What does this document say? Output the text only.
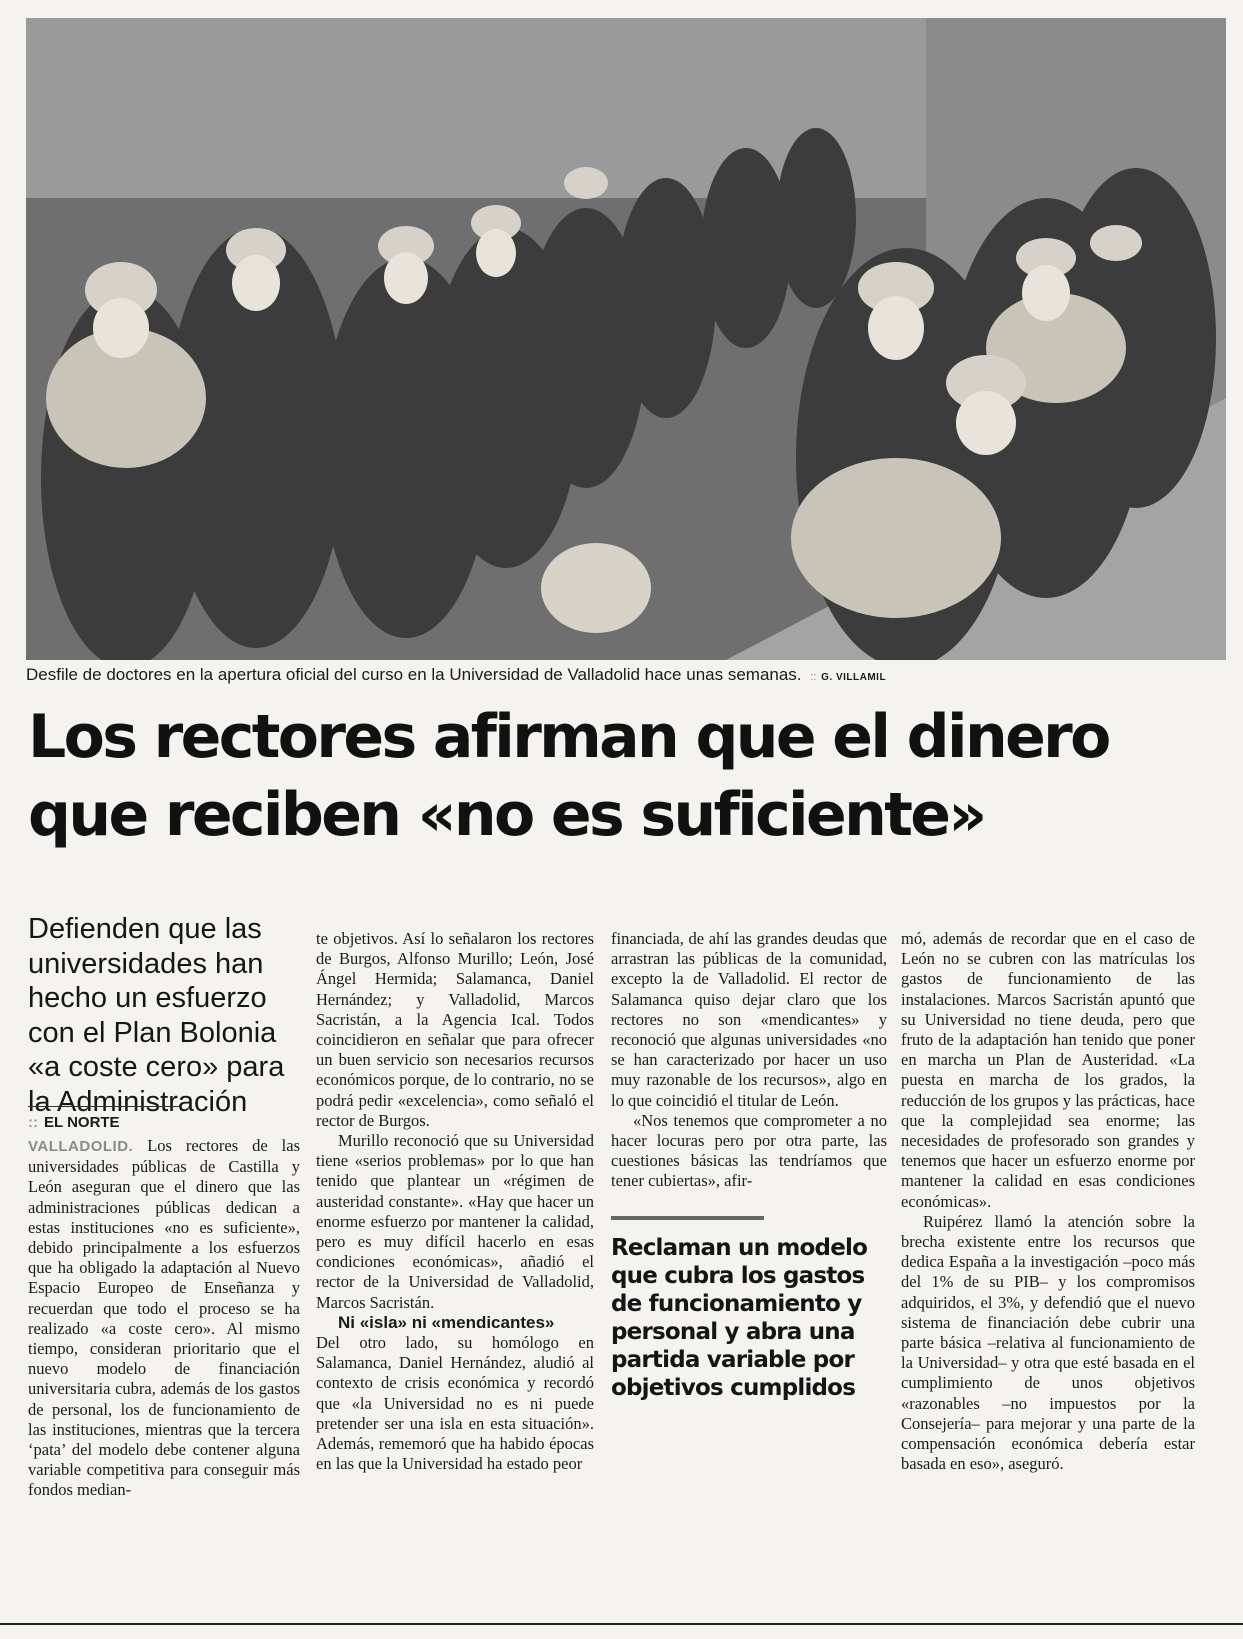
Desfile de doctores en la apertura oficial del curso en la Universidad de Valladolid hace unas semanas. :: G. VILLAMIL
Los rectores afirman que el dinero
que reciben «no es suficiente»
Defienden que las universidades han hecho un esfuerzo con el Plan Bolonia «a coste cero» para la Administración
:: EL NORTE

VALLADOLID. Los rectores de las universidades públicas de Castilla y León aseguran que el dinero que las administraciones públicas dedican a estas instituciones «no es suficiente», debido principalmente a los esfuerzos que ha obligado la adaptación al Nuevo Espacio Europeo de Enseñanza y recuerdan que todo el proceso se ha realizado «a coste cero». Al mismo tiempo, consideran prioritario que el nuevo modelo de financiación universitaria cubra, además de los gastos de personal, los de funcionamiento de las instituciones, mientras que la tercera ‘pata’ del modelo debe contener alguna variable competitiva para conseguir más fondos median-

te objetivos. Así lo señalaron los rectores de Burgos, Alfonso Murillo; León, José Ángel Hermida; Salamanca, Daniel Hernández; y Valladolid, Marcos Sacristán, a la Agencia Ical. Todos coincidieron en señalar que para ofrecer un buen servicio son necesarios recursos económicos porque, de lo contrario, no se podrá pedir «excelencia», como señaló el rector de Burgos.

Murillo reconoció que su Universidad tiene «serios problemas» por lo que han tenido que plantear un «régimen de austeridad constante». «Hay que hacer un enorme esfuerzo por mantener la calidad, pero es muy difícil hacerlo en esas condiciones económicas», añadió el rector de la Universidad de Valladolid, Marcos Sacristán.

Ni «isla» ni «mendicantes»

Del otro lado, su homólogo en Salamanca, Daniel Hernández, aludió al contexto de crisis económica y recordó que «la Universidad no es ni puede pretender ser una isla en esta situación». Además, rememoró que ha habido épocas en las que la Universidad ha estado peor

financiada, de ahí las grandes deudas que arrastran las públicas de la comunidad, excepto la de Valladolid. El rector de Salamanca quiso dejar claro que los rectores no son «mendicantes» y reconoció que algunas universidades «no se han caracterizado por hacer un uso muy razonable de los recursos», algo en lo que coincidió el titular de León.

«Nos tenemos que comprometer a no hacer locuras pero por otra parte, las cuestiones básicas las tendríamos que tener cubiertas», afir-

Reclaman un modelo que cubra los gastos de funcionamiento y personal y abra una partida variable por objetivos cumplidos

mó, además de recordar que en el caso de León no se cubren con las matrículas los gastos de funcionamiento de las instalaciones. Marcos Sacristán apuntó que su Universidad no tiene deuda, pero que fruto de la adaptación han tenido que poner en marcha un Plan de Austeridad. «La puesta en marcha de los grados, la reducción de los grupos y las prácticas, hace que la complejidad sea enorme; las necesidades de profesorado son grandes y tenemos que hacer un esfuerzo enorme por mantener la calidad en esas condiciones económicas».

Ruipérez llamó la atención sobre la brecha existente entre los recursos que dedica España a la investigación –poco más del 1% de su PIB– y los compromisos adquiridos, el 3%, y defendió que el nuevo sistema de financiación debe cubrir una parte básica –relativa al funcionamiento de la Universidad– y otra que esté basada en el cumplimiento de unos objetivos «razonables –no impuestos por la Consejería– para mejorar y una parte de la compensación económica debería estar basada en eso», aseguró.
